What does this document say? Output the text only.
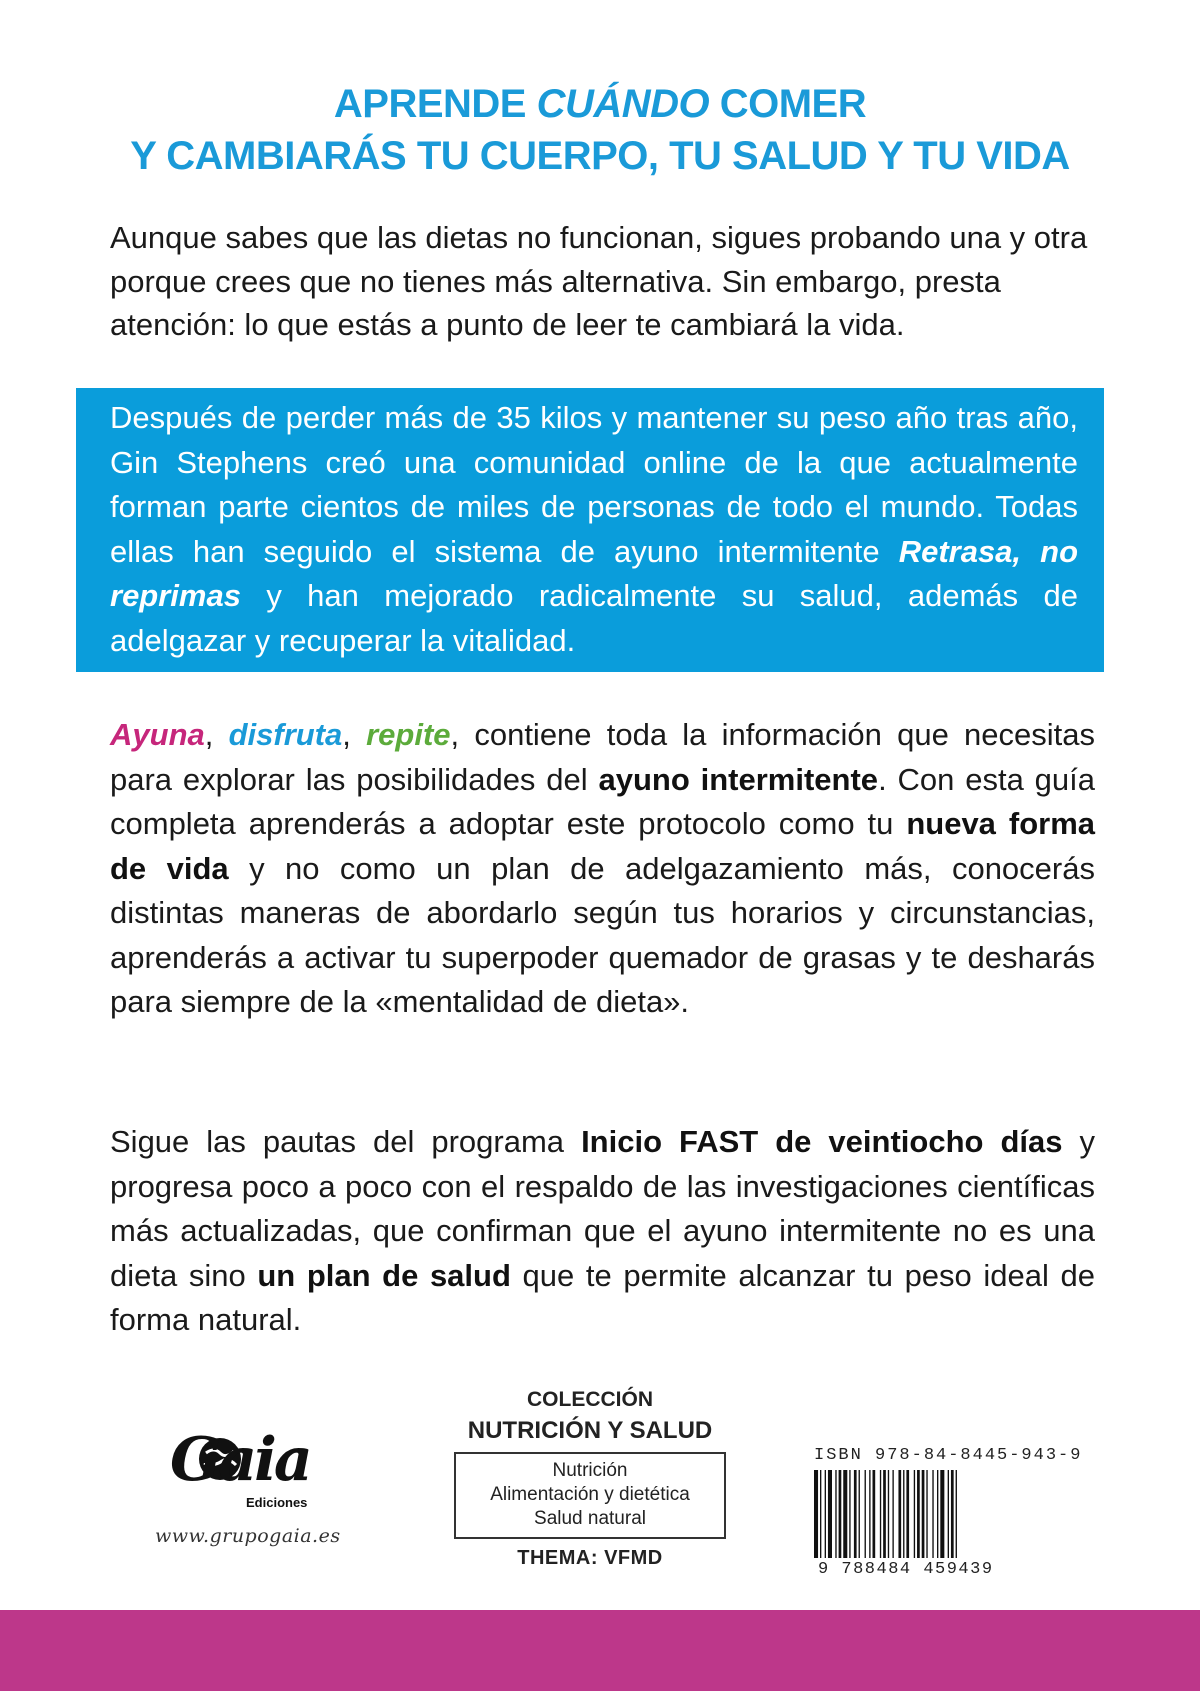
APRENDE CUÁNDO COMER
Y CAMBIARÁS TU CUERPO, TU SALUD Y TU VIDA

Aunque sabes que las dietas no funcionan, sigues probando una y otra porque crees que no tienes más alternativa. Sin embargo, presta atención: lo que estás a punto de leer te cambiará la vida.

Después de perder más de 35 kilos y mantener su peso año tras año, Gin Stephens creó una comunidad online de la que actualmente forman parte cientos de miles de personas de todo el mundo. Todas ellas han seguido el sistema de ayuno intermitente Retrasa, no reprimas y han mejorado radicalmente su salud, además de adelgazar y recuperar la vitalidad.

Ayuna, disfruta, repite, contiene toda la información que necesitas para explorar las posibilidades del ayuno intermitente. Con esta guía completa aprenderás a adoptar este protocolo como tu nueva forma de vida y no como un plan de adelgazamiento más, conocerás distintas maneras de abordarlo según tus horarios y circunstancias, aprenderás a activar tu superpoder quemador de grasas y te desharás para siempre de la «mentalidad de dieta».

Sigue las pautas del programa Inicio FAST de veintiocho días y progresa poco a poco con el respaldo de las investigaciones científicas más actualizadas, que confirman que el ayuno intermitente no es una dieta sino un plan de salud que te permite alcanzar tu peso ideal de forma natural.

Gaia
Ediciones
www.grupogaia.es
COLECCIÓN
NUTRICIÓN Y SALUD
Nutrición
Alimentación y dietética
Salud natural
THEMA: VFMD
ISBN 978-84-8445-943-9
9 788484 459439
